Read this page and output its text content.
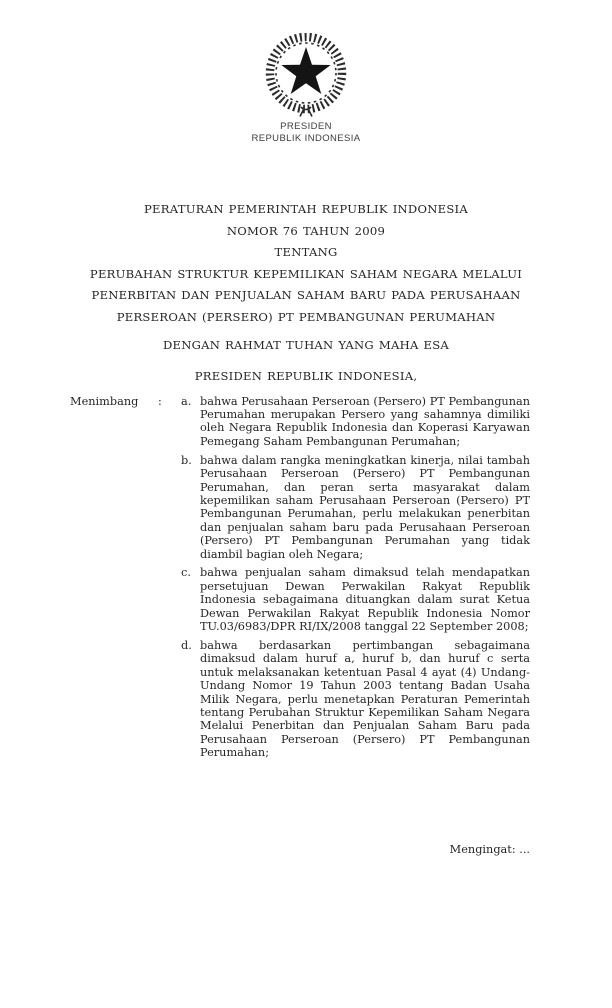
PRESIDEN
REPUBLIK INDONESIA
PERATURAN PEMERINTAH REPUBLIK INDONESIA
NOMOR 76 TAHUN 2009
TENTANG
PERUBAHAN STRUKTUR KEPEMILIKAN SAHAM NEGARA MELALUI
PENERBITAN DAN PENJUALAN SAHAM BARU PADA PERUSAHAAN
PERSEROAN (PERSERO) PT PEMBANGUNAN PERUMAHAN
DENGAN RAHMAT TUHAN YANG MAHA ESA
PRESIDEN REPUBLIK INDONESIA,
Menimbang	:	a. bahwa Perusahaan Perseroan (Persero) PT Pembangunan Perumahan merupakan Persero yang sahamnya dimiliki oleh Negara Republik Indonesia dan Koperasi Karyawan Pemegang Saham Pembangunan Perumahan;

b. bahwa dalam rangka meningkatkan kinerja, nilai tambah Perusahaan Perseroan (Persero) PT Pembangunan Perumahan, dan peran serta masyarakat dalam kepemilikan saham Perusahaan Perseroan (Persero) PT Pembangunan Perumahan, perlu melakukan penerbitan dan penjualan saham baru pada Perusahaan Perseroan (Persero) PT Pembangunan Perumahan yang tidak diambil bagian oleh Negara;

c. bahwa penjualan saham dimaksud telah mendapatkan persetujuan Dewan Perwakilan Rakyat Republik Indonesia sebagaimana dituangkan dalam surat Ketua Dewan Perwakilan Rakyat Republik Indonesia Nomor TU.03/6983/DPR RI/IX/2008 tanggal 22 September 2008;

d. bahwa berdasarkan pertimbangan sebagaimana dimaksud dalam huruf a, huruf b, dan huruf c serta untuk melaksanakan ketentuan Pasal 4 ayat (4) Undang-Undang Nomor 19 Tahun 2003 tentang Badan Usaha Milik Negara, perlu menetapkan Peraturan Pemerintah tentang Perubahan Struktur Kepemilikan Saham Negara Melalui Penerbitan dan Penjualan Saham Baru pada Perusahaan Perseroan (Persero) PT Pembangunan Perumahan;

Mengingat: ...
